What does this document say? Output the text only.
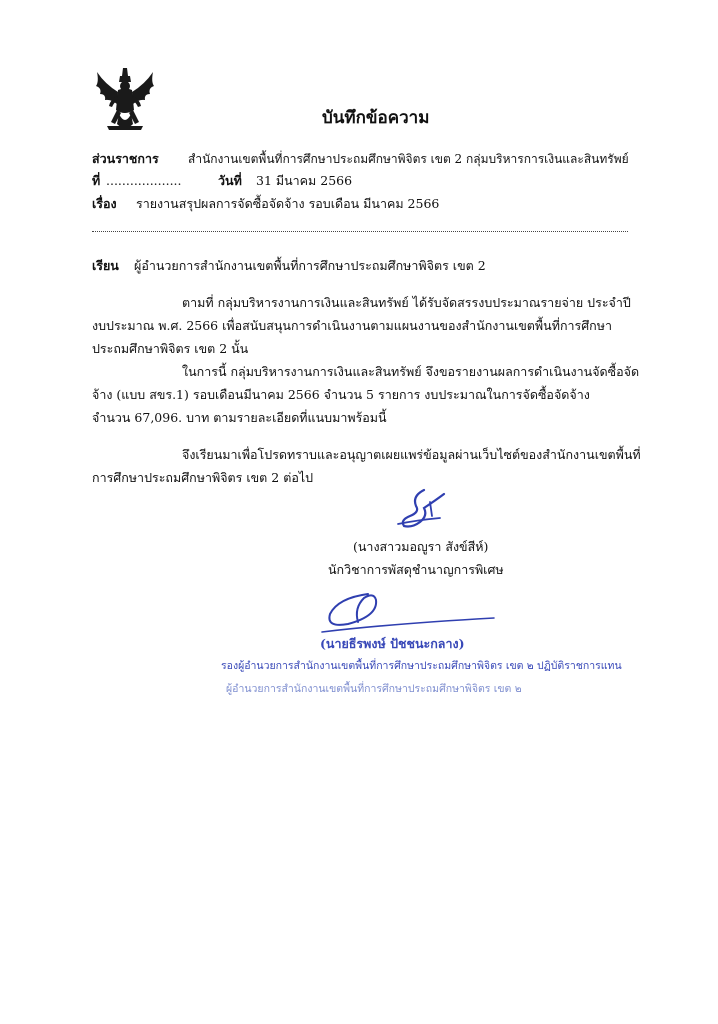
บันทึกข้อความ
ส่วนราชการ สำนักงานเขตพื้นที่การศึกษาประถมศึกษาพิจิตร เขต 2 กลุ่มบริหารการเงินและสินทรัพย์
ที่ ...................	วันที่ 31 มีนาคม 2566
เรื่อง รายงานสรุปผลการจัดซื้อจัดจ้าง รอบเดือน มีนาคม 2566
เรียน ผู้อำนวยการสำนักงานเขตพื้นที่การศึกษาประถมศึกษาพิจิตร เขต 2
ตามที่ กลุ่มบริหารงานการเงินและสินทรัพย์ ได้รับจัดสรรงบประมาณรายจ่าย ประจำปี
งบประมาณ พ.ศ. 2566 เพื่อสนับสนุนการดำเนินงานตามแผนงานของสำนักงานเขตพื้นที่การศึกษา
ประถมศึกษาพิจิตร เขต 2 นั้น
ในการนี้ กลุ่มบริหารงานการเงินและสินทรัพย์ จึงขอรายงานผลการดำเนินงานจัดซื้อจัด
จ้าง (แบบ สขร.1) รอบเดือนมีนาคม 2566 จำนวน 5 รายการ งบประมาณในการจัดซื้อจัดจ้าง
จำนวน 67,096. บาท ตามรายละเอียดที่แนบมาพร้อมนี้
จึงเรียนมาเพื่อโปรดทราบและอนุญาตเผยแพร่ข้อมูลผ่านเว็บไซต์ของสำนักงานเขตพื้นที่
การศึกษาประถมศึกษาพิจิตร เขต 2 ต่อไป
(นางสาวมอญูรา สังข์สีห์)
นักวิชาการพัสดุชำนาญการพิเศษ
(นายธีรพงษ์ ปัชชนะกลาง)
รองผู้อำนวยการสำนักงานเขตพื้นที่การศึกษาประถมศึกษาพิจิตร เขต ๒ ปฏิบัติราชการแทน
ผู้อำนวยการสำนักงานเขตพื้นที่การศึกษาประถมศึกษาพิจิตร เขต ๒
